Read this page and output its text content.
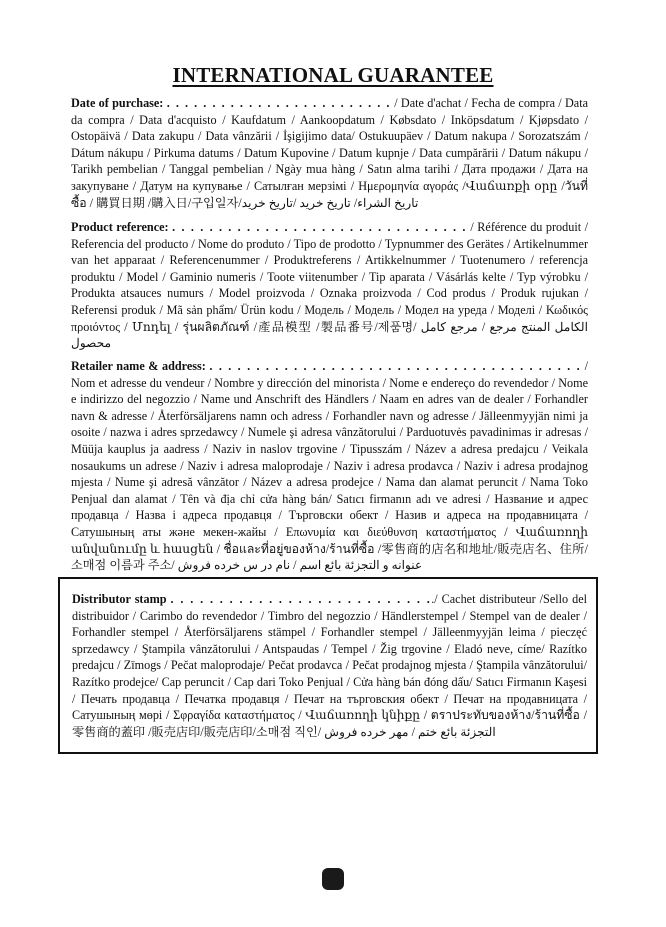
INTERNATIONAL GUARANTEE
Date of purchase: . . . . . . . . . . . . . . . . . . . . . . . . . / Date d'achat / Fecha de compra / Data da compra / Data d'acquisto / Kaufdatum / Aankoopdatum / Købsdato / Inköpsdatum / Kjøpsdato / Ostopäivä / Data zakupu / Data vânzării / İşigijimo data/ Ostukuupäev / Datum nakupa / Sorozatszám / Dátum nákupu / Pirkuma datums / Datum Kupovine / Datum kupnje / Data cumpărării / Datum nákupu / Tarikh pembelian / Tanggal pembelian / Ngày mua hàng / Satın alma tarihi / Дата продажи / Дата на закупуване / Датум на купување / Сатылған мерзімі / Ημερομηνία αγοράς /Վաճառքի օրը /วันที่ซื้อ / 購買日期 /購入日/구입일자/تاريخ الشراء/ تاريخ خريد /تاريخ خريد
Product reference: . . . . . . . . . . . . . . . . . . . . . . . . . . . . . . . . / Référence du produit / Referencia del producto / Nome do produto / Tipo de prodotto / Typnummer des Gerätes / Artikelnummer van het apparaat / Referencenummer / Produktreferens / Artikkelnummer / Tuotenumero / referencja produktu / Model / Gaminio numeris / Toote viitenumber / Tip aparata / Vásárlás kelte / Typ výrobku / Produkta atsauces numurs / Model proizvoda / Oznaka proizvoda / Cod produs / Produk rujukan / Referensi produk / Mã sản phẩm/ Ürün kodu / Модель / Модель / Модел на уреда / Моделі / Κωδικός προιόντος / Մոդել / รุ่นผลิตภัณฑ์ /產品模型 /製品番号/제품명/ الكامل المنتج مرجع / مرجع كامل محصول
Retailer name & address: . . . . . . . . . . . . . . . . . . . . . . . . . . . . . . . . . . . . . . . . / Nom et adresse du vendeur / Nombre y dirección del minorista / Nome e endereço do revendedor / Nome e indirizzo del negozzio / Name und Anschrift des Händlers / Naam en adres van de dealer / Forhandler navn & adresse / Återförsäljarens namn och adress / Forhandler navn og adresse / Jälleenmyyjän nimi ja osoite / nazwa i adres sprzedawcy / Numele şi adresa vânzătorului / Parduotuvės pavadinimas ir adresas / Müüja kauplus ja aadress / Naziv in naslov trgovine / Tipusszám / Název a adresa predajcu / Veikala nosaukums un adrese / Naziv i adresa maloprodaje / Naziv i adresa prodavca / Naziv i adresa prodajnog mjesta / Nume şi adresă vânzător / Název a adresa prodejce / Nama dan alamat peruncit / Nama Toko Penjual dan alamat / Tên và địa chỉ cửa hàng bán/ Satıcı firmanın adı ve adresi / Название и адрес продавца / Назва і адреса продавця / Търговски обект / Назив и адреса на продавницата / Сатушының аты және мекен-жайы / Επωνυμία και διεύθυνση καταστήματος / Վաճառողի անվանումը և հասցեն / ชื่อและที่อยู่ของห้าง/ร้านที่ซื้อ /零售商的店名和地址/販売店名、住所/소매점 이름과 주소/ عنوانه و التجزئة بائع اسم / نام در س خرده فروش
Distributor stamp . . . . . . . . . . . . . . . . . . . . . . . . . . ../ Cachet distributeur /Sello del distribuidor / Carimbo do revendedor / Timbro del negozzio / Händlerstempel / Stempel van de dealer / Forhandler stempel / Återförsäljarens stämpel / Forhandler stempel / Jälleenmyyjän leima / pieczęć sprzedawcy / Ştampila vânzătorului / Antspaudas / Tempel / Žig trgovine / Eladó neve, címe/ Razítko predajcu / Zīmogs / Pečat maloprodaje/ Pečat prodavca / Pečat prodajnog mjesta / Ştampila vânzătorului/ Razítko prodejce/ Cap peruncit / Cap dari Toko Penjual / Cửa hàng bán đóng dấu/ Satıcı Firmanın Kaşesi / Печать продавца / Печатка продавця / Печат на търговския обект / Печат на продавницата / Сатушының мөрі / Σφραγίδα καταστήματος / Վաճառողի կնիքը / ตราประทับของห้าง/ร้านที่ซื้อ / 零售商的蓋印 /販売店印/販売店印/소매점 직인/ التجزئة بائع ختم / مهر خرده فروش
